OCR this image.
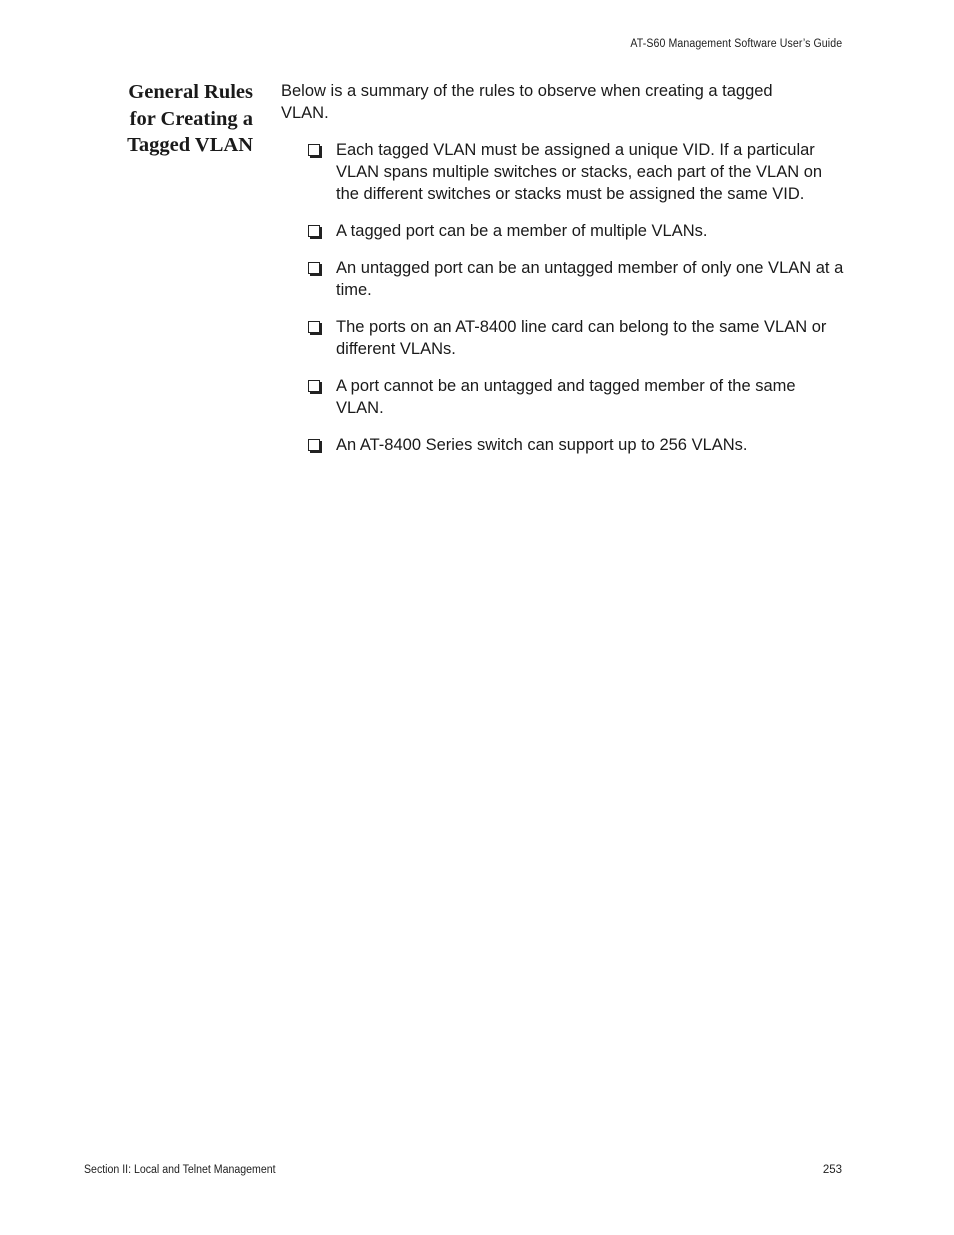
AT-S60 Management Software User’s Guide
General Rules
for Creating a
Tagged VLAN

Below is a summary of the rules to observe when creating a tagged VLAN.

Each tagged VLAN must be assigned a unique VID. If a particular VLAN spans multiple switches or stacks, each part of the VLAN on the different switches or stacks must be assigned the same VID.
A tagged port can be a member of multiple VLANs.
An untagged port can be an untagged member of only one VLAN at a time.
The ports on an AT-8400 line card can belong to the same VLAN or different VLANs.
A port cannot be an untagged and tagged member of the same VLAN.
An AT-8400 Series switch can support up to 256 VLANs.
Section II: Local and Telnet Management	253
